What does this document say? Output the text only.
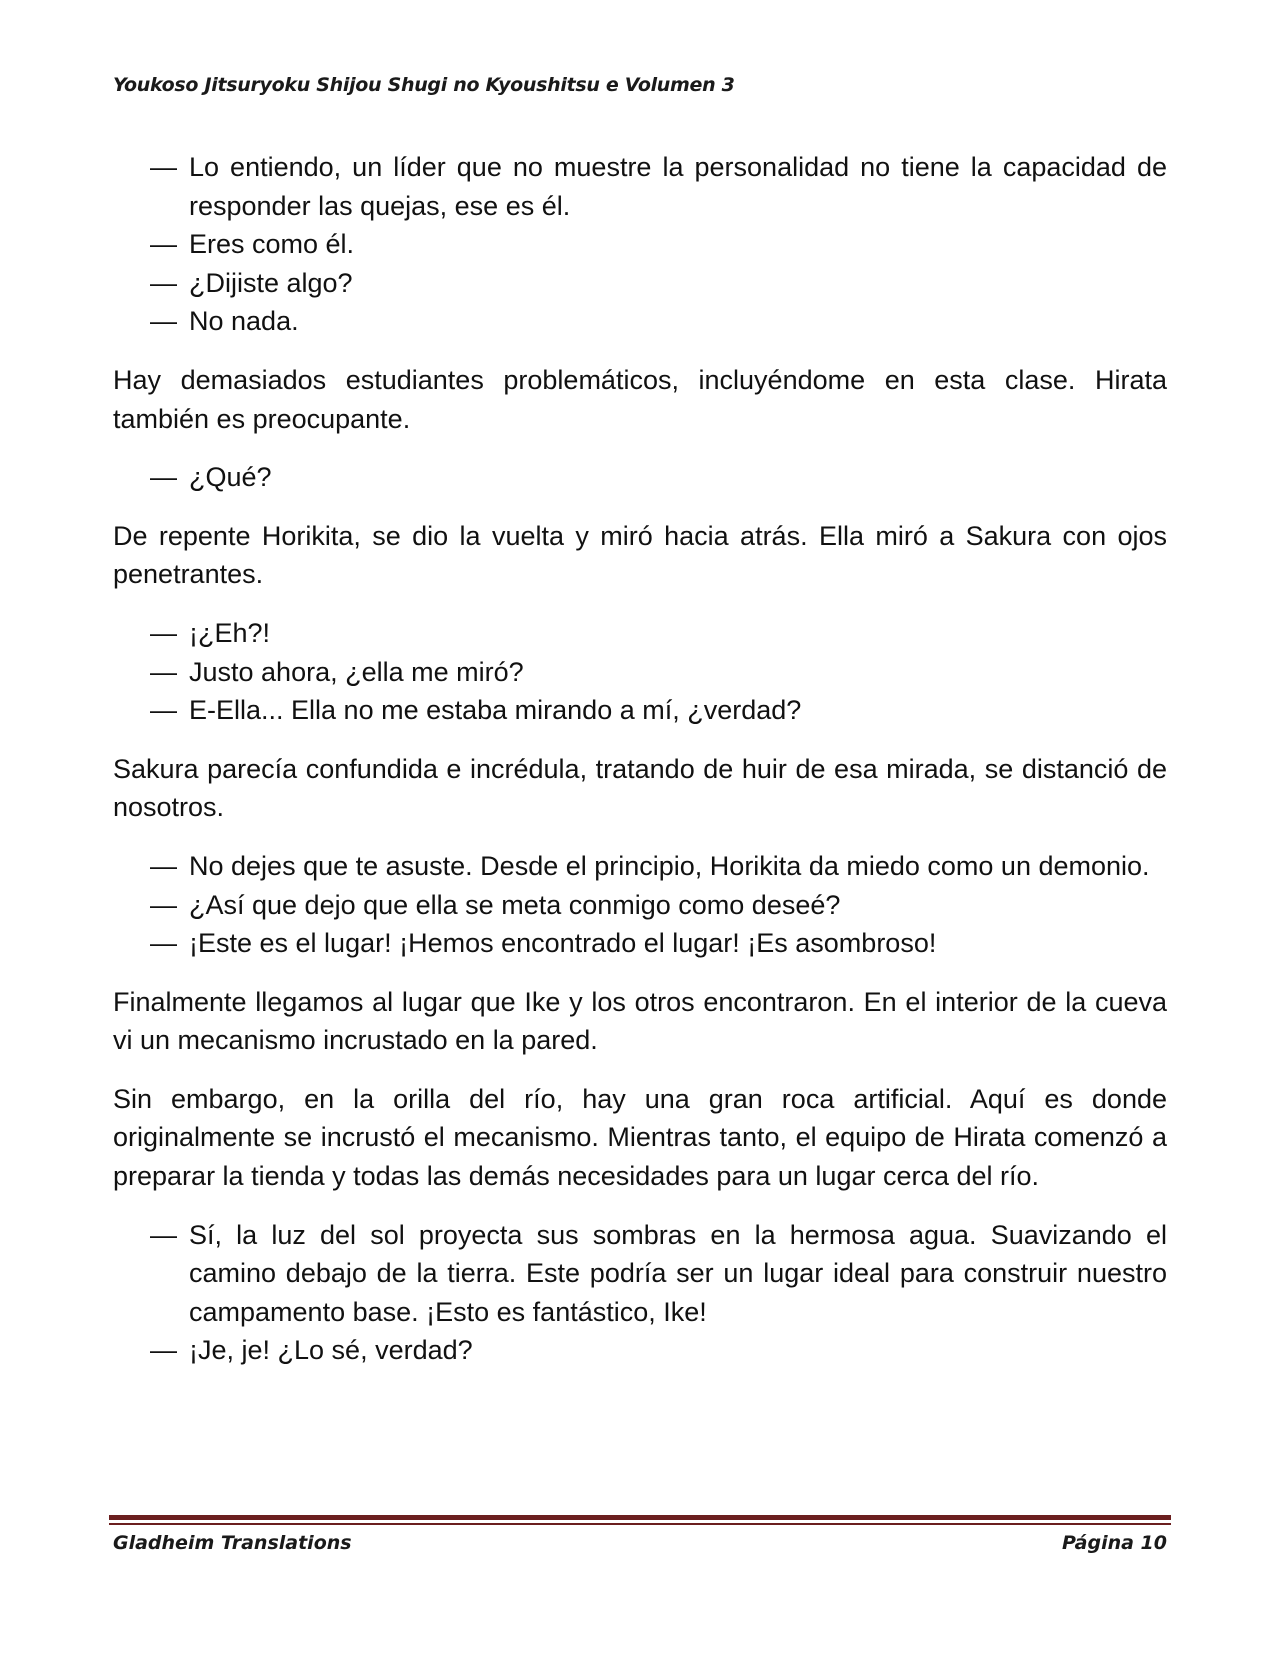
Youkoso Jitsuryoku Shijou Shugi no Kyoushitsu e Volumen 3
— Lo entiendo, un líder que no muestre la personalidad no tiene la capacidad de responder las quejas, ese es él.
— Eres como él.
— ¿Dijiste algo?
— No nada.
Hay demasiados estudiantes problemáticos, incluyéndome en esta clase. Hirata también es preocupante.
— ¿Qué?
De repente Horikita, se dio la vuelta y miró hacia atrás. Ella miró a Sakura con ojos penetrantes.
— ¡¿Eh?!
— Justo ahora, ¿ella me miró?
— E-Ella... Ella no me estaba mirando a mí, ¿verdad?
Sakura parecía confundida e incrédula, tratando de huir de esa mirada, se distanció de nosotros.
— No dejes que te asuste. Desde el principio, Horikita da miedo como un demonio.
— ¿Así que dejo que ella se meta conmigo como deseé?
— ¡Este es el lugar! ¡Hemos encontrado el lugar! ¡Es asombroso!
Finalmente llegamos al lugar que Ike y los otros encontraron. En el interior de la cueva vi un mecanismo incrustado en la pared.
Sin embargo, en la orilla del río, hay una gran roca artificial. Aquí es donde originalmente se incrustó el mecanismo. Mientras tanto, el equipo de Hirata comenzó a preparar la tienda y todas las demás necesidades para un lugar cerca del río.
— Sí, la luz del sol proyecta sus sombras en la hermosa agua. Suavizando el camino debajo de la tierra. Este podría ser un lugar ideal para construir nuestro campamento base. ¡Esto es fantástico, Ike!
— ¡Je, je! ¿Lo sé, verdad?
Gladheim Translations	Página 10
